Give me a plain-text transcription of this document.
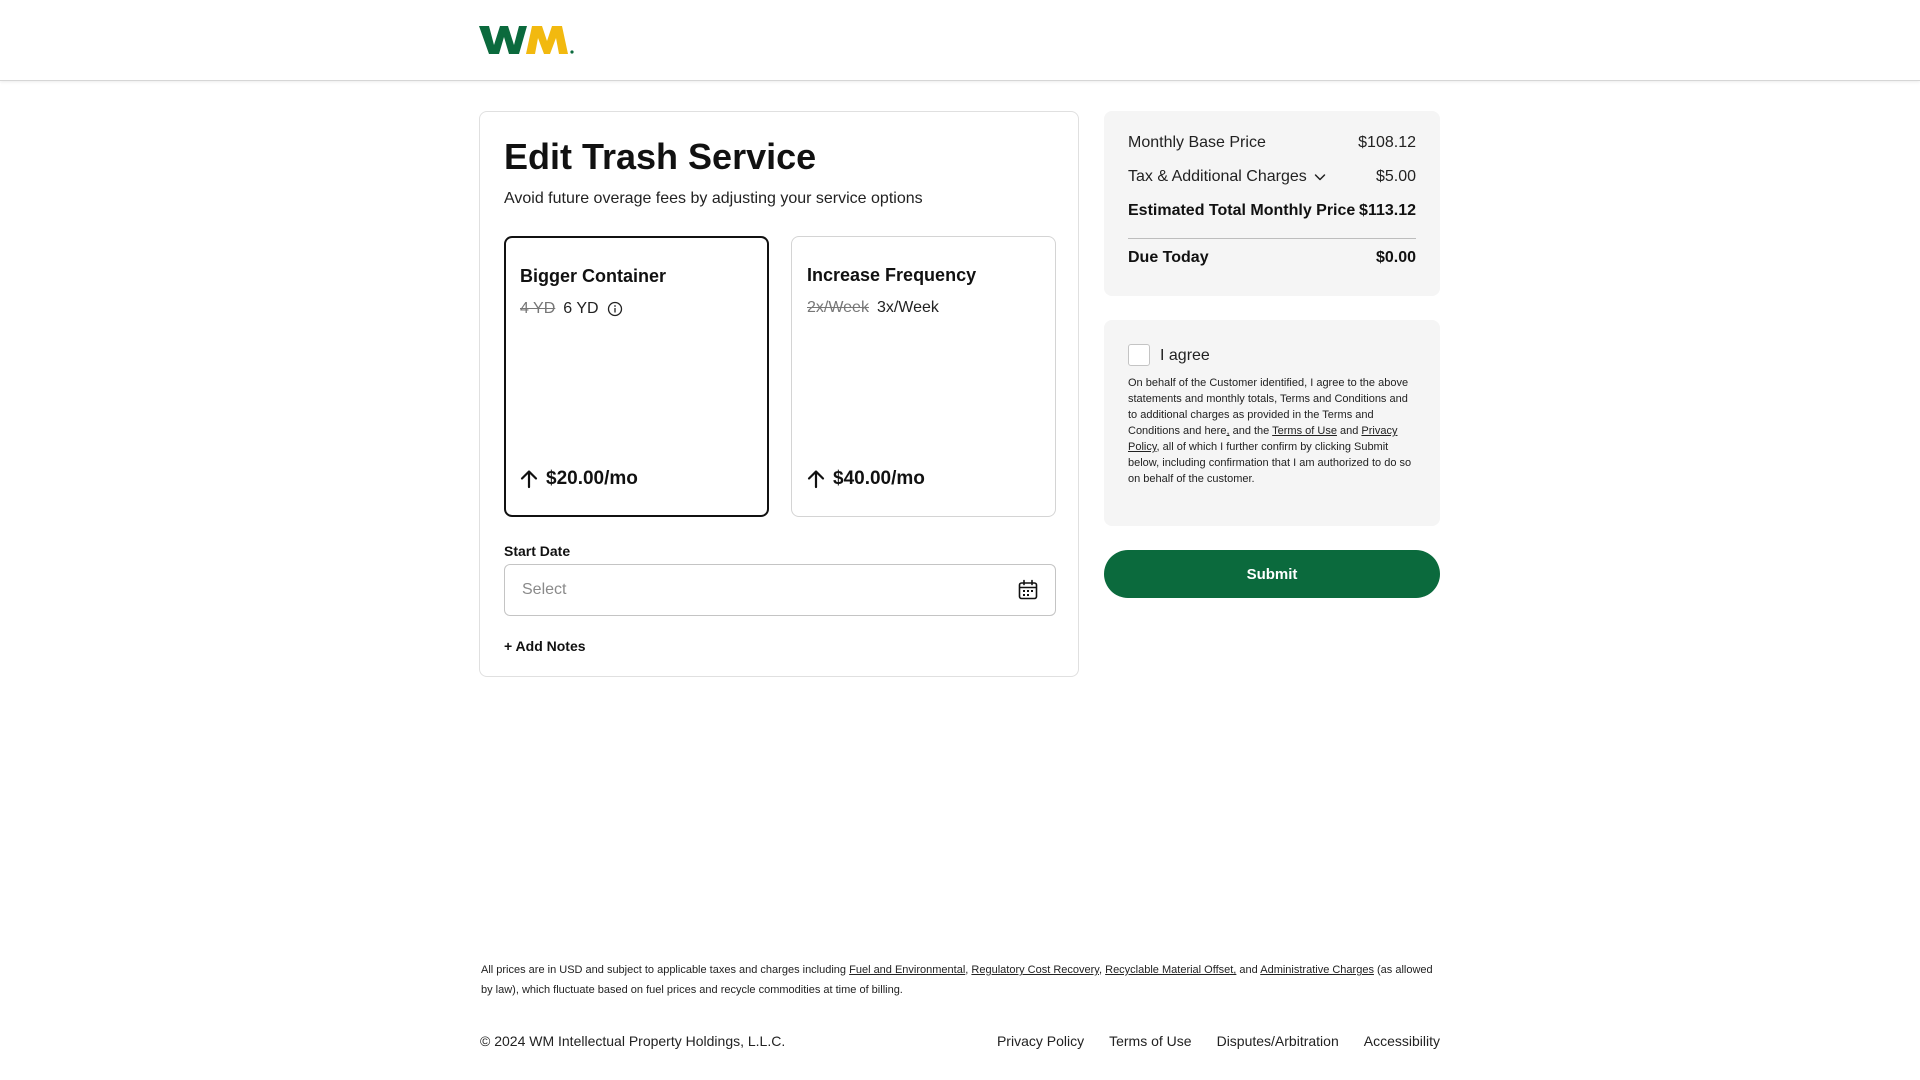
Edit Trash Service
Avoid future overage fees by adjusting your service options
Bigger Container
4 YD 6 YD
$20.00/mo
Increase Frequency
2x/Week 3x/Week
$40.00/mo
Start Date
Select
+ Add Notes
Monthly Base Price	$108.12
Tax & Additional Charges	$5.00
Estimated Total Monthly Price $113.12
Due Today	$0.00
I agree

On behalf of the Customer identified, I agree to the above statements and monthly totals, Terms and Conditions and to additional charges as provided in the Terms and Conditions and here, and the Terms of Use and Privacy Policy, all of which I further confirm by clicking Submit below, including confirmation that I am authorized to do so on behalf of the customer.

Submit

All prices are in USD and subject to applicable taxes and charges including Fuel and Environmental, Regulatory Cost Recovery, Recyclable Material Offset, and Administrative Charges (as allowed by law), which fluctuate based on fuel prices and recycle commodities at time of billing.

© 2024 WM Intellectual Property Holdings, L.L.C.	Privacy Policy Terms of Use Disputes/Arbitration Accessibility
